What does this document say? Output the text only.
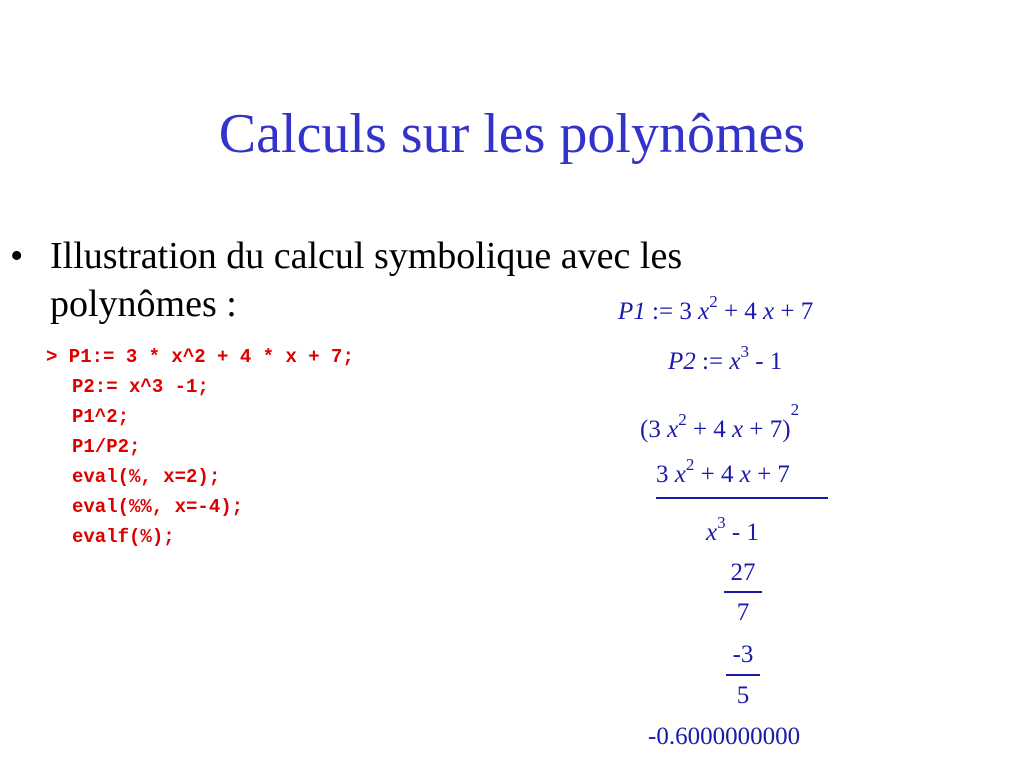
Calculs sur les polynômes
• Illustration du calcul symbolique avec les polynômes :
> P1:= 3 * x^2 + 4 * x + 7;
P2:= x^3 -1;
P1^2;
P1/P2;
eval(%, x=2);
eval(%%, x=-4);
evalf(%);
P1 := 3 $x^2 + 4$ x + 7
P2 := $x^3 - 1$
(3 $x^2 + 4$ x + 7)$^2$
3 $x^2 + 4$ x + 7
$x^3 - 1$
27
7
-3
5
-0.6000000000
